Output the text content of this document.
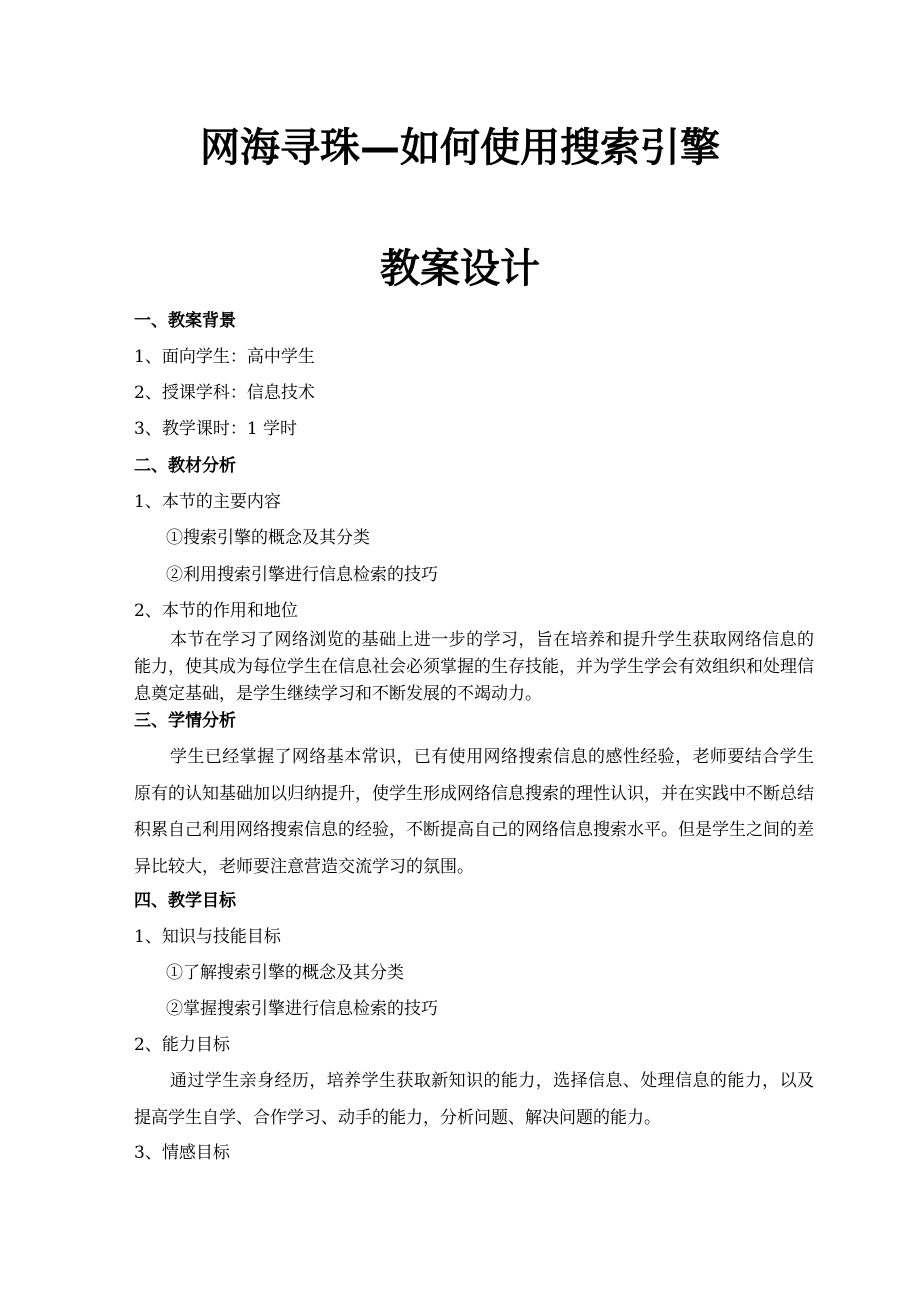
网海寻珠—如何使用搜索引擎
教案设计

一、教案背景

1、面向学生：高中学生

2、授课学科：信息技术

3、教学课时：1 学时

二、教材分析

1、本节的主要内容

①搜索引擎的概念及其分类

②利用搜索引擎进行信息检索的技巧

2、本节的作用和地位

本节在学习了网络浏览的基础上进一步的学习，旨在培养和提升学生获取网络信息的能力，使其成为每位学生在信息社会必须掌握的生存技能，并为学生学会有效组织和处理信息奠定基础，是学生继续学习和不断发展的不竭动力。

三、学情分析

学生已经掌握了网络基本常识，已有使用网络搜索信息的感性经验，老师要结合学生原有的认知基础加以归纳提升，使学生形成网络信息搜索的理性认识，并在实践中不断总结积累自己利用网络搜索信息的经验，不断提高自己的网络信息搜索水平。但是学生之间的差异比较大，老师要注意营造交流学习的氛围。

四、教学目标

1、知识与技能目标

①了解搜索引擎的概念及其分类

②掌握搜索引擎进行信息检索的技巧

2、能力目标

通过学生亲身经历，培养学生获取新知识的能力，选择信息、处理信息的能力，以及提高学生自学、合作学习、动手的能力，分析问题、解决问题的能力。

3、情感目标
